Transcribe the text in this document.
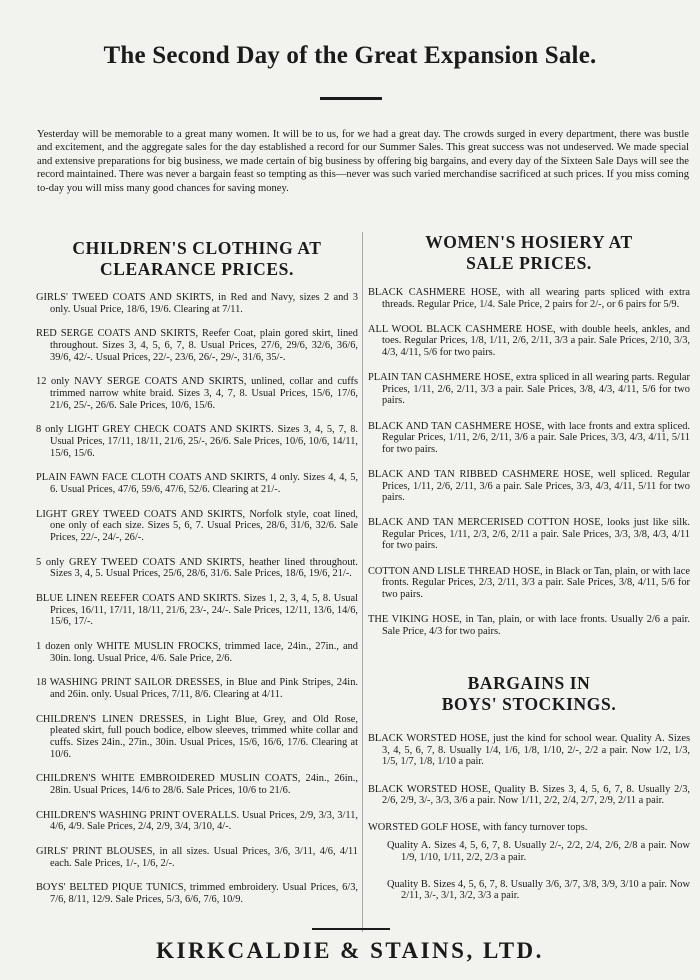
The Second Day of the Great Expansion Sale.

Yesterday will be memorable to a great many women. It will be to us, for we had a great day. The crowds surged in every department, there was bustle and excitement, and the aggregate sales for the day established a record for our Summer Sales. This great success was not undeserved. We made special and extensive preparations for big business, we made certain of big business by offering big bargains, and every day of the Sixteen Sale Days will see the record maintained. There was never a bargain feast so tempting as this—never was such varied merchandise sacrificed at such prices. If you miss coming to-day you will miss many good chances for saving money.

CHILDREN'S CLOTHING AT
CLEARANCE PRICES.

GIRLS' TWEED COATS AND SKIRTS, in Red and Navy, sizes 2 and 3 only. Usual Price, 18/6, 19/6. Clearing at 7/11.

RED SERGE COATS AND SKIRTS, Reefer Coat, plain gored skirt, lined throughout. Sizes 3, 4, 5, 6, 7, 8. Usual Prices, 27/6, 29/6, 32/6, 36/6, 39/6, 42/-. Usual Prices, 22/-, 23/6, 26/-, 29/-, 31/6, 35/-.

12 only NAVY SERGE COATS AND SKIRTS, unlined, collar and cuffs trimmed narrow white braid. Sizes 3, 4, 7, 8. Usual Prices, 15/6, 17/6, 21/6, 25/-, 26/6. Sale Prices, 10/6, 15/6.

8 only LIGHT GREY CHECK COATS AND SKIRTS. Sizes 3, 4, 5, 7, 8. Usual Prices, 17/11, 18/11, 21/6, 25/-, 26/6. Sale Prices, 10/6, 10/6, 14/11, 15/6, 15/6.

PLAIN FAWN FACE CLOTH COATS AND SKIRTS, 4 only. Sizes 4, 4, 5, 6. Usual Prices, 47/6, 59/6, 47/6, 52/6. Clearing at 21/-.

LIGHT GREY TWEED COATS AND SKIRTS, Norfolk style, coat lined, one only of each size. Sizes 5, 6, 7. Usual Prices, 28/6, 31/6, 32/6. Sale Prices, 22/-, 24/-, 26/-.

5 only GREY TWEED COATS AND SKIRTS, heather lined throughout. Sizes 3, 4, 5. Usual Prices, 25/6, 28/6, 31/6. Sale Prices, 18/6, 19/6, 21/-.

BLUE LINEN REEFER COATS AND SKIRTS. Sizes 1, 2, 3, 4, 5, 8. Usual Prices, 16/11, 17/11, 18/11, 21/6, 23/-, 24/-. Sale Prices, 12/11, 13/6, 14/6, 15/6, 17/-.

1 dozen only WHITE MUSLIN FROCKS, trimmed lace, 24in., 27in., and 30in. long. Usual Price, 4/6. Sale Price, 2/6.

18 WASHING PRINT SAILOR DRESSES, in Blue and Pink Stripes, 24in. and 26in. only. Usual Prices, 7/11, 8/6. Clearing at 4/11.

CHILDREN'S LINEN DRESSES, in Light Blue, Grey, and Old Rose, pleated skirt, full pouch bodice, elbow sleeves, trimmed white collar and cuffs. Sizes 24in., 27in., 30in. Usual Prices, 15/6, 16/6, 17/6. Clearing at 10/6.

CHILDREN'S WHITE EMBROIDERED MUSLIN COATS, 24in., 26in., 28in. Usual Prices, 14/6 to 28/6. Sale Prices, 10/6 to 21/6.

CHILDREN'S WASHING PRINT OVERALLS. Usual Prices, 2/9, 3/3, 3/11, 4/6, 4/9. Sale Prices, 2/4, 2/9, 3/4, 3/10, 4/-.

GIRLS' PRINT BLOUSES, in all sizes. Usual Prices, 3/6, 3/11, 4/6, 4/11 each. Sale Prices, 1/-, 1/6, 2/-.

BOYS' BELTED PIQUE TUNICS, trimmed embroidery. Usual Prices, 6/3, 7/6, 8/11, 12/9. Sale Prices, 5/3, 6/6, 7/6, 10/9.

WOMEN'S HOSIERY AT
SALE PRICES.

BLACK CASHMERE HOSE, with all wearing parts spliced with extra threads. Regular Price, 1/4. Sale Price, 2 pairs for 2/-, or 6 pairs for 5/9.

ALL WOOL BLACK CASHMERE HOSE, with double heels, ankles, and toes. Regular Prices, 1/8, 1/11, 2/6, 2/11, 3/3 a pair. Sale Prices, 2/10, 3/3, 4/3, 4/11, 5/6 for two pairs.

PLAIN TAN CASHMERE HOSE, extra spliced in all wearing parts. Regular Prices, 1/11, 2/6, 2/11, 3/3 a pair. Sale Prices, 3/8, 4/3, 4/11, 5/6 for two pairs.

BLACK AND TAN CASHMERE HOSE, with lace fronts and extra spliced. Regular Prices, 1/11, 2/6, 2/11, 3/6 a pair. Sale Prices, 3/3, 4/3, 4/11, 5/11 for two pairs.

BLACK AND TAN RIBBED CASHMERE HOSE, well spliced. Regular Prices, 1/11, 2/6, 2/11, 3/6 a pair. Sale Prices, 3/3, 4/3, 4/11, 5/11 for two pairs.

BLACK AND TAN MERCERISED COTTON HOSE, looks just like silk. Regular Prices, 1/11, 2/3, 2/6, 2/11 a pair. Sale Prices, 3/3, 3/8, 4/3, 4/11 for two pairs.

COTTON AND LISLE THREAD HOSE, in Black or Tan, plain, or with lace fronts. Regular Prices, 2/3, 2/11, 3/3 a pair. Sale Prices, 3/8, 4/11, 5/6 for two pairs.

THE VIKING HOSE, in Tan, plain, or with lace fronts. Usually 2/6 a pair. Sale Price, 4/3 for two pairs.

BARGAINS IN
BOYS' STOCKINGS.

BLACK WORSTED HOSE, just the kind for school wear. Quality A. Sizes 3, 4, 5, 6, 7, 8. Usually 1/4, 1/6, 1/8, 1/10, 2/-, 2/2 a pair. Now 1/2, 1/3, 1/5, 1/7, 1/8, 1/10 a pair.

BLACK WORSTED HOSE, Quality B. Sizes 3, 4, 5, 6, 7, 8. Usually 2/3, 2/6, 2/9, 3/-, 3/3, 3/6 a pair. Now 1/11, 2/2, 2/4, 2/7, 2/9, 2/11 a pair.

WORSTED GOLF HOSE, with fancy turnover tops.

Quality A. Sizes 4, 5, 6, 7, 8. Usually 2/-, 2/2, 2/4, 2/6, 2/8 a pair. Now 1/9, 1/10, 1/11, 2/2, 2/3 a pair.

Quality B. Sizes 4, 5, 6, 7, 8. Usually 3/6, 3/7, 3/8, 3/9, 3/10 a pair. Now 2/11, 3/-, 3/1, 3/2, 3/3 a pair.

KIRKCALDIE & STAINS, LTD.
